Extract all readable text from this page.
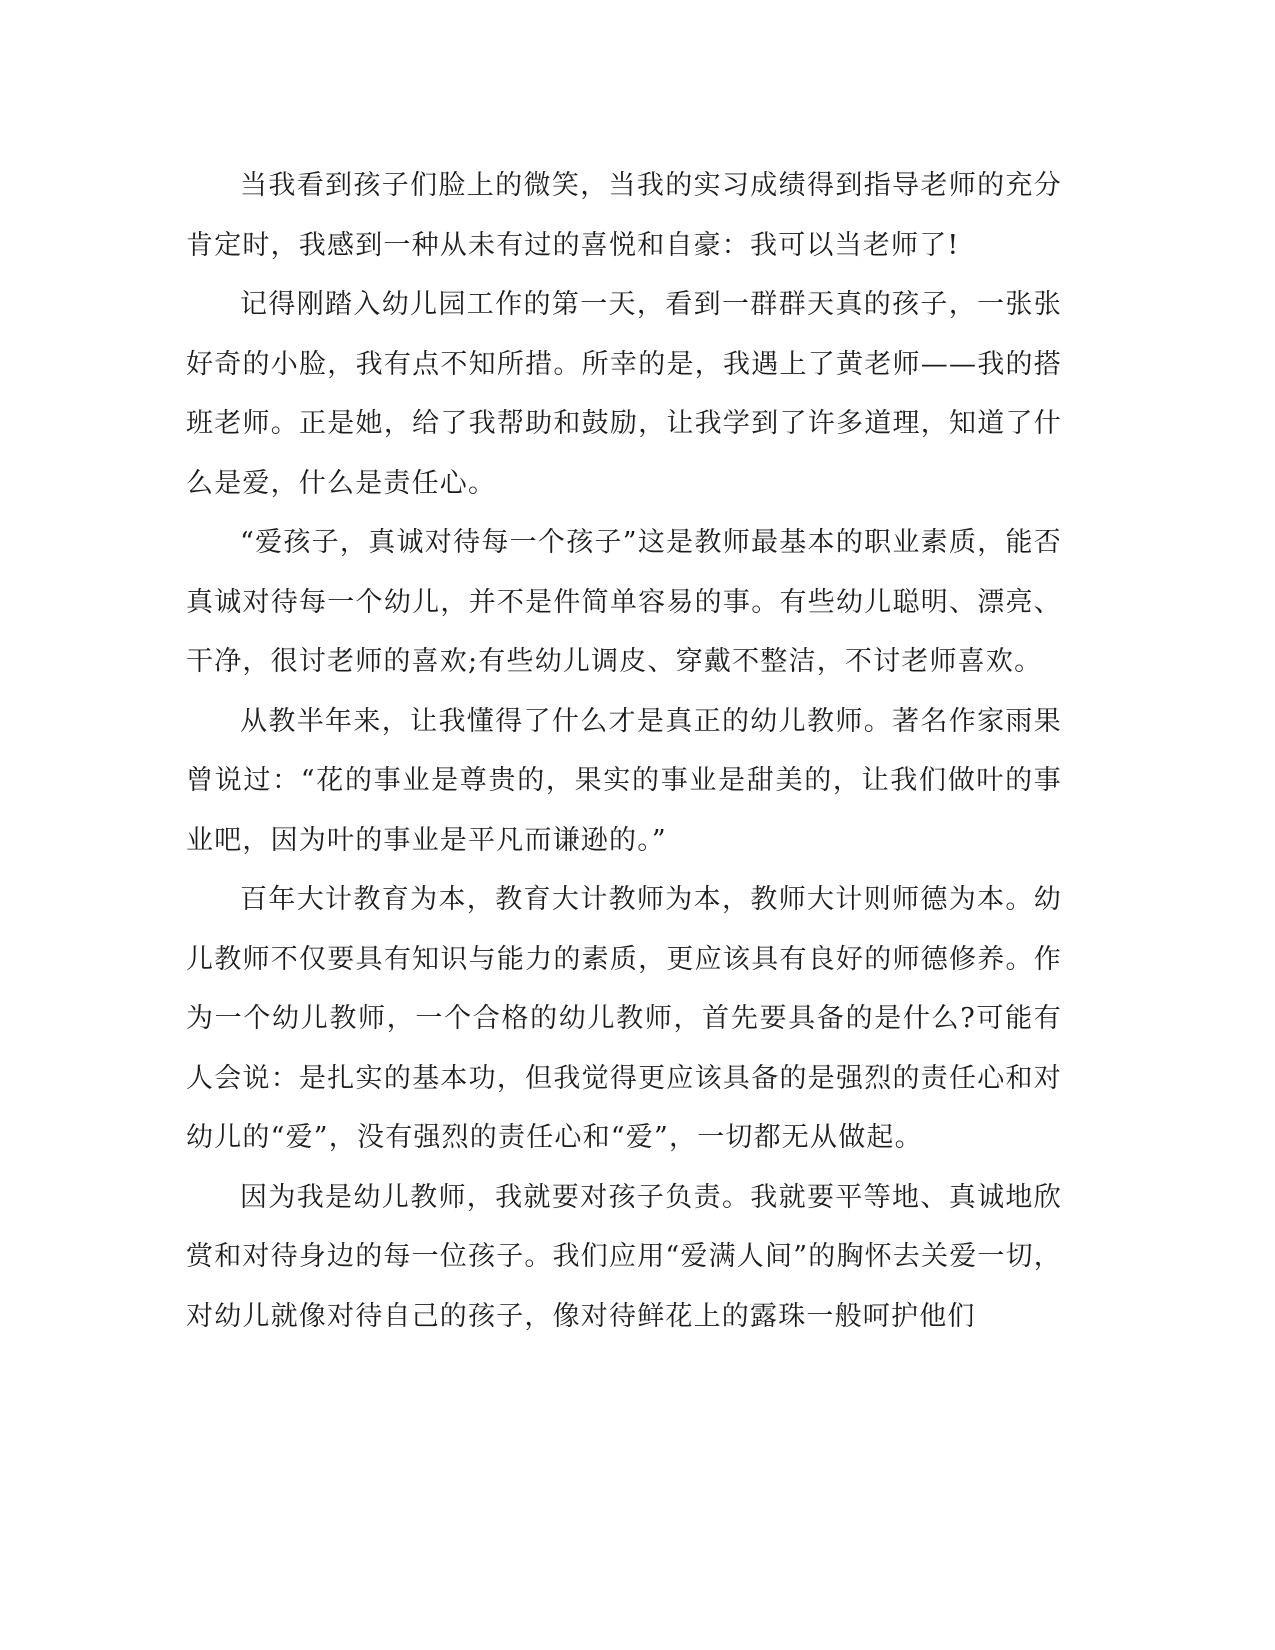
当我看到孩子们脸上的微笑，当我的实习成绩得到指导老师的充分肯定时，我感到一种从未有过的喜悦和自豪：我可以当老师了!

记得刚踏入幼儿园工作的第一天，看到一群群天真的孩子，一张张好奇的小脸，我有点不知所措。所幸的是，我遇上了黄老师——我的搭班老师。正是她，给了我帮助和鼓励，让我学到了许多道理，知道了什么是爱，什么是责任心。

“爱孩子，真诚对待每一个孩子”这是教师最基本的职业素质，能否真诚对待每一个幼儿，并不是件简单容易的事。有些幼儿聪明、漂亮、干净，很讨老师的喜欢;有些幼儿调皮、穿戴不整洁，不讨老师喜欢。

从教半年来，让我懂得了什么才是真正的幼儿教师。著名作家雨果曾说过：“花的事业是尊贵的，果实的事业是甜美的，让我们做叶的事业吧，因为叶的事业是平凡而谦逊的。”

百年大计教育为本，教育大计教师为本，教师大计则师德为本。幼儿教师不仅要具有知识与能力的素质，更应该具有良好的师德修养。作为一个幼儿教师，一个合格的幼儿教师，首先要具备的是什么?可能有人会说：是扎实的基本功，但我觉得更应该具备的是强烈的责任心和对幼儿的“爱”，没有强烈的责任心和“爱”，一切都无从做起。

因为我是幼儿教师，我就要对孩子负责。我就要平等地、真诚地欣赏和对待身边的每一位孩子。我们应用“爱满人间”的胸怀去关爱一切，对幼儿就像对待自己的孩子，像对待鲜花上的露珠一般呵护他们
